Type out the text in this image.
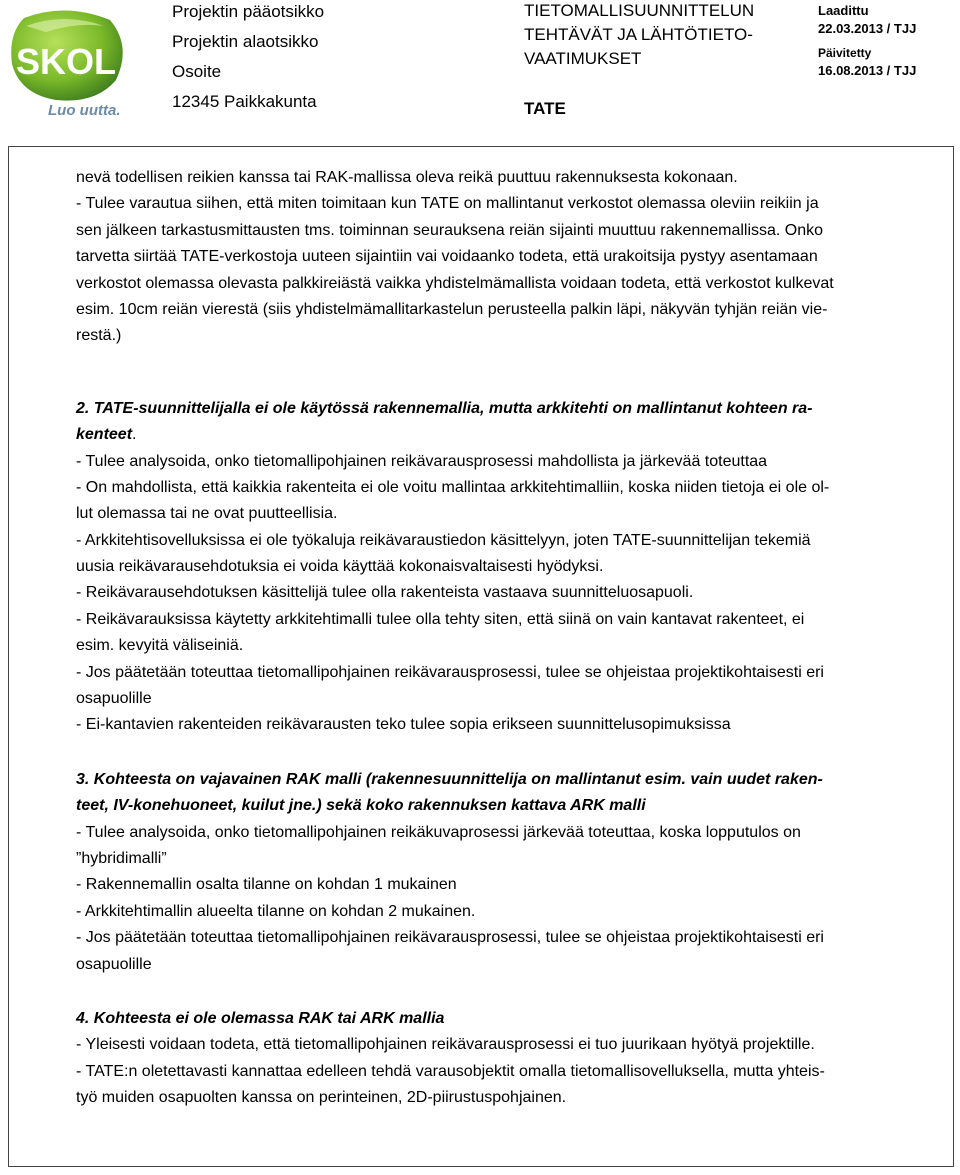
SKOL
Luo uutta.
Projektin pääotsikko
Projektin alaotsikko
Osoite
12345 Paikkakunta
TIETOMALLISUUNNITTELUN
TEHTÄVÄT JA LÄHTÖTIETO-
VAATIMUKSET
TATE
Laadittu
22.03.2013 / TJJ
Päivitetty
16.08.2013 / TJJ
nevä todellisen reikien kanssa tai RAK-mallissa oleva reikä puuttuu rakennuksesta kokonaan.
- Tulee varautua siihen, että miten toimitaan kun TATE on mallintanut verkostot olemassa oleviin reikiin ja
sen jälkeen tarkastusmittausten tms. toiminnan seurauksena reiän sijainti muuttuu rakennemallissa. Onko
tarvetta siirtää TATE-verkostoja uuteen sijaintiin vai voidaanko todeta, että urakoitsija pystyy asentamaan
verkostot olemassa olevasta palkkireiästä vaikka yhdistelmämallista voidaan todeta, että verkostot kulkevat
esim. 10cm reiän vierestä (siis yhdistelmämallitarkastelun perusteella palkin läpi, näkyvän tyhjän reiän vie-
restä.)
2. TATE-suunnittelijalla ei ole käytössä rakennemallia, mutta arkkitehti on mallintanut kohteen ra-
kenteet.
- Tulee analysoida, onko tietomallipohjainen reikävarausprosessi mahdollista ja järkevää toteuttaa
- On mahdollista, että kaikkia rakenteita ei ole voitu mallintaa arkkitehtimalliin, koska niiden tietoja ei ole ol-
lut olemassa tai ne ovat puutteellisia.
- Arkkitehtisovelluksissa ei ole työkaluja reikävaraustiedon käsittelyyn, joten TATE-suunnittelijan tekemiä
uusia reikävarausehdotuksia ei voida käyttää kokonaisvaltaisesti hyödyksi.
- Reikävarausehdotuksen käsittelijä tulee olla rakenteista vastaava suunnitteluosapuoli.
- Reikävarauksissa käytetty arkkitehtimalli tulee olla tehty siten, että siinä on vain kantavat rakenteet, ei
esim. kevyitä väliseiniä.
- Jos päätetään toteuttaa tietomallipohjainen reikävarausprosessi, tulee se ohjeistaa projektikohtaisesti eri
osapuolille
- Ei-kantavien rakenteiden reikävarausten teko tulee sopia erikseen suunnittelusopimuksissa
3. Kohteesta on vajavainen RAK malli (rakennesuunnittelija on mallintanut esim. vain uudet raken-
teet, IV-konehuoneet, kuilut jne.) sekä koko rakennuksen kattava ARK malli
- Tulee analysoida, onko tietomallipohjainen reikäkuvaprosessi järkevää toteuttaa, koska lopputulos on
”hybridimalli”
- Rakennemallin osalta tilanne on kohdan 1 mukainen
- Arkkitehtimallin alueelta tilanne on kohdan 2 mukainen.
- Jos päätetään toteuttaa tietomallipohjainen reikävarausprosessi, tulee se ohjeistaa projektikohtaisesti eri
osapuolille
4. Kohteesta ei ole olemassa RAK tai ARK mallia
- Yleisesti voidaan todeta, että tietomallipohjainen reikävarausprosessi ei tuo juurikaan hyötyä projektille.
- TATE:n oletettavasti kannattaa edelleen tehdä varausobjektit omalla tietomallisovelluksella, mutta yhteis-
työ muiden osapuolten kanssa on perinteinen, 2D-piirustuspohjainen.
